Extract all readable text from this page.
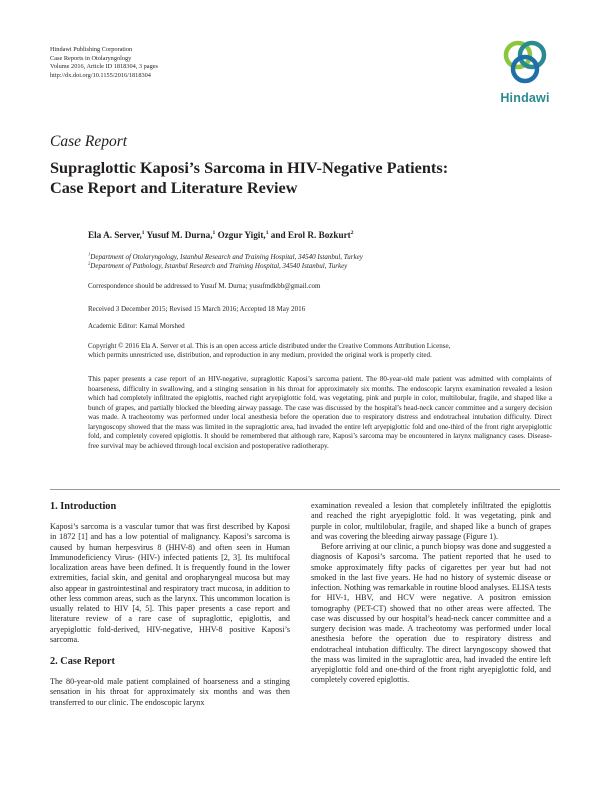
Hindawi Publishing Corporation
Case Reports in Otolaryngology
Volume 2016, Article ID 1818304, 3 pages
http://dx.doi.org/10.1155/2016/1818304
Hindawi
Case Report
Supraglottic Kaposi’s Sarcoma in HIV-Negative Patients:
Case Report and Literature Review
Ela A. Server,$^1$ Yusuf M. Durna,$^1$ Ozgur Yigit,$^1$ and Erol R. Bozkurt$^2$
$^1$Department of Otolaryngology, Istanbul Research and Training Hospital, 34540 Istanbul, Turkey
$^2$Department of Pathology, Istanbul Research and Training Hospital, 34540 Istanbul, Turkey
Correspondence should be addressed to Yusuf M. Durna; yusufmdkbb@gmail.com
Received 3 December 2015; Revised 15 March 2016; Accepted 18 May 2016
Academic Editor: Kamal Morshed
Copyright © 2016 Ela A. Server et al. This is an open access article distributed under the Creative Commons Attribution License,
which permits unrestricted use, distribution, and reproduction in any medium, provided the original work is properly cited.

This paper presents a case report of an HIV-negative, supraglottic Kaposi’s sarcoma patient. The 80-year-old male patient was admitted with complaints of hoarseness, difficulty in swallowing, and a stinging sensation in his throat for approximately six months. The endoscopic larynx examination revealed a lesion which had completely infiltrated the epiglottis, reached right aryepiglottic fold, was vegetating, pink and purple in color, multilobular, fragile, and shaped like a bunch of grapes, and partially blocked the bleeding airway passage. The case was discussed by the hospital’s head-neck cancer committee and a surgery decision was made. A tracheotomy was performed under local anesthesia before the operation due to respiratory distress and endotracheal intubation difficulty. Direct laryngoscopy showed that the mass was limited in the supraglottic area, had invaded the entire left aryepiglottic fold and one-third of the front right aryepiglottic fold, and completely covered epiglottis. It should be remembered that although rare, Kaposi’s sarcoma may be encountered in larynx malignancy cases. Disease-free survival may be achieved through local excision and postoperative radiotherapy.

1. Introduction

Kaposi’s sarcoma is a vascular tumor that was first described by Kaposi in 1872 [1] and has a low potential of malignancy. Kaposi’s sarcoma is caused by human herpesvirus 8 (HHV-8) and often seen in Human Immunodeficiency Virus- (HIV-) infected patients [2, 3]. Its multifocal localization areas have been defined. It is frequently found in the lower extremities, facial skin, and genital and oropharyngeal mucosa but may also appear in gastrointestinal and respiratory tract mucosa, in addition to other less common areas, such as the larynx. This uncommon location is usually related to HIV [4, 5]. This paper presents a case report and literature review of a rare case of supraglottic, epiglottis, and aryepiglottic fold-derived, HIV-negative, HHV-8 positive Kaposi’s sarcoma.

2. Case Report

The 80-year-old male patient complained of hoarseness and a stinging sensation in his throat for approximately six months and was then transferred to our clinic. The endoscopic larynx

examination revealed a lesion that completely infiltrated the epiglottis and reached the right aryepiglottic fold. It was vegetating, pink and purple in color, multilobular, fragile, and shaped like a bunch of grapes and was covering the bleeding airway passage (Figure 1).

Before arriving at our clinic, a punch biopsy was done and suggested a diagnosis of Kaposi’s sarcoma. The patient reported that he used to smoke approximately fifty packs of cigarettes per year but had not smoked in the last five years. He had no history of systemic disease or infection. Nothing was remarkable in routine blood analyses. ELISA tests for HIV-1, HBV, and HCV were negative. A positron emission tomography (PET-CT) showed that no other areas were affected. The case was discussed by our hospital’s head-neck cancer committee and a surgery decision was made. A tracheotomy was performed under local anesthesia before the operation due to respiratory distress and endotracheal intubation difficulty. The direct laryngoscopy showed that the mass was limited in the supraglottic area, had invaded the entire left aryepiglottic fold and one-third of the front right aryepiglottic fold, and completely covered epiglottis.
